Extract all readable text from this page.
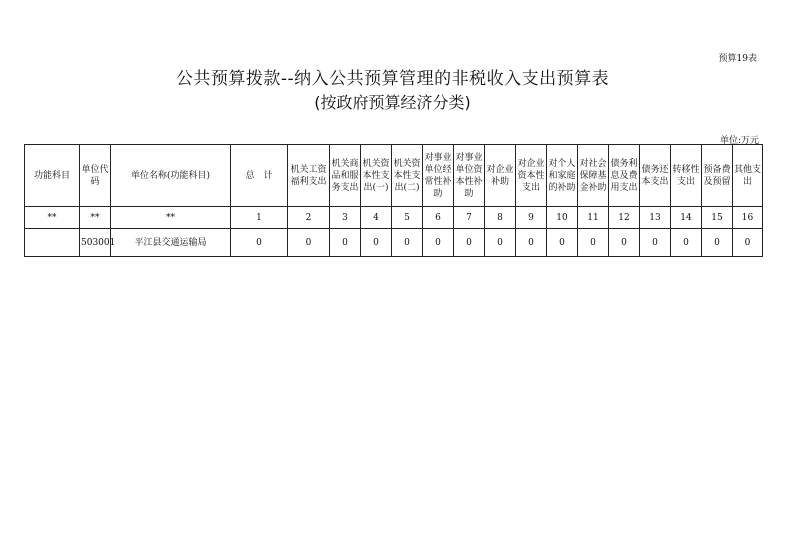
预算19表
公共预算拨款--纳入公共预算管理的非税收入支出预算表
(按政府预算经济分类)
单位:万元
功能科目	单位代码	单位名称(功能科目)	总　计	机关工资福利支出	机关商品和服务支出	机关资本性支出(一)	机关资本性支出(二)	对事业单位经常性补助	对事业单位资本性补助	对企业补助	对企业资本性支出	对个人和家庭的补助	对社会保障基金补助	债务利息及费用支出	债务还本支出	转移性支出	预备费及预留	其他支出
**	**	**	1	2	3	4	5	6	7	8	9	10	11	12	13	14	15	16
	503001	平江县交通运输局	0	0	0	0	0	0	0	0	0	0	0	0	0	0	0	0
